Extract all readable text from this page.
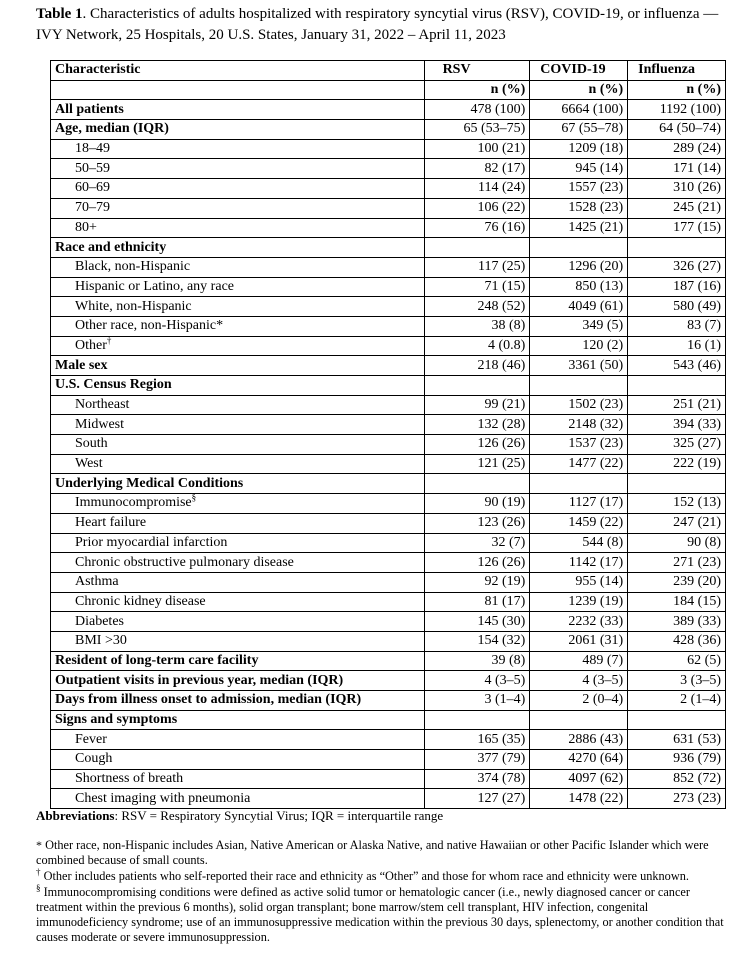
Table 1. Characteristics of adults hospitalized with respiratory syncytial virus (RSV), COVID-19, or influenza — IVY Network, 25 Hospitals, 20 U.S. States, January 31, 2022 – April 11, 2023
Characteristic	RSV	COVID-19	Influenza
	n (%)	n (%)	n (%)
All patients	478 (100)	6664 (100)	1192 (100)
Age, median (IQR)	65 (53–75)	67 (55–78)	64 (50–74)
18–49	100 (21)	1209 (18)	289 (24)
50–59	82 (17)	945 (14)	171 (14)
60–69	114 (24)	1557 (23)	310 (26)
70–79	106 (22)	1528 (23)	245 (21)
80+	76 (16)	1425 (21)	177 (15)
Race and ethnicity			
Black, non-Hispanic	117 (25)	1296 (20)	326 (27)
Hispanic or Latino, any race	71 (15)	850 (13)	187 (16)
White, non-Hispanic	248 (52)	4049 (61)	580 (49)
Other race, non-Hispanic*	38 (8)	349 (5)	83 (7)
Other†	4 (0.8)	120 (2)	16 (1)
Male sex	218 (46)	3361 (50)	543 (46)
U.S. Census Region			
Northeast	99 (21)	1502 (23)	251 (21)
Midwest	132 (28)	2148 (32)	394 (33)
South	126 (26)	1537 (23)	325 (27)
West	121 (25)	1477 (22)	222 (19)
Underlying Medical Conditions			
Immunocompromise§	90 (19)	1127 (17)	152 (13)
Heart failure	123 (26)	1459 (22)	247 (21)
Prior myocardial infarction	32 (7)	544 (8)	90 (8)
Chronic obstructive pulmonary disease	126 (26)	1142 (17)	271 (23)
Asthma	92 (19)	955 (14)	239 (20)
Chronic kidney disease	81 (17)	1239 (19)	184 (15)
Diabetes	145 (30)	2232 (33)	389 (33)
BMI >30	154 (32)	2061 (31)	428 (36)
Resident of long-term care facility	39 (8)	489 (7)	62 (5)
Outpatient visits in previous year, median (IQR)	4 (3–5)	4 (3–5)	3 (3–5)
Days from illness onset to admission, median (IQR)	3 (1–4)	2 (0–4)	2 (1–4)
Signs and symptoms			
Fever	165 (35)	2886 (43)	631 (53)
Cough	377 (79)	4270 (64)	936 (79)
Shortness of breath	374 (78)	4097 (62)	852 (72)
Chest imaging with pneumonia	127 (27)	1478 (22)	273 (23)
Abbreviations: RSV = Respiratory Syncytial Virus; IQR = interquartile range

* Other race, non-Hispanic includes Asian, Native American or Alaska Native, and native Hawaiian or other Pacific Islander which were combined because of small counts.

† Other includes patients who self-reported their race and ethnicity as “Other” and those for whom race and ethnicity were unknown.

§ Immunocompromising conditions were defined as active solid tumor or hematologic cancer (i.e., newly diagnosed cancer or cancer treatment within the previous 6 months), solid organ transplant; bone marrow/stem cell transplant, HIV infection, congenital immunodeficiency syndrome; use of an immunosuppressive medication within the previous 30 days, splenectomy, or another condition that causes moderate or severe immunosuppression.
